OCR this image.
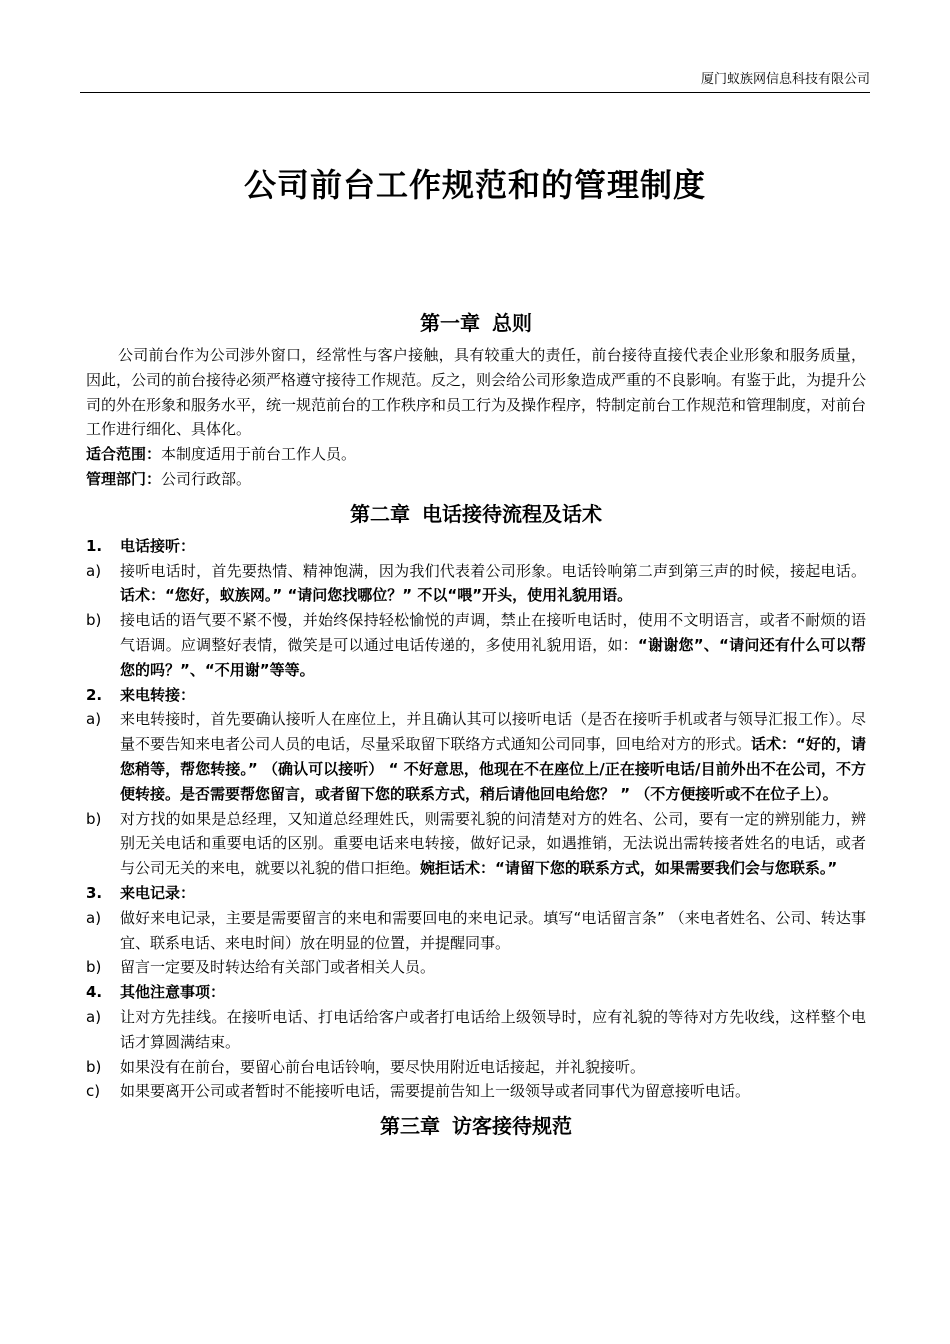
厦门蚁族网信息科技有限公司
公司前台工作规范和的管理制度
第一章 总则
公司前台作为公司涉外窗口，经常性与客户接触，具有较重大的责任，前台接待直接代表企业形象和服务质量，因此，公司的前台接待必须严格遵守接待工作规范。反之，则会给公司形象造成严重的不良影响。有鉴于此，为提升公司的外在形象和服务水平，统一规范前台的工作秩序和员工行为及操作程序，特制定前台工作规范和管理制度，对前台工作进行细化、具体化。
适合范围：本制度适用于前台工作人员。
管理部门：公司行政部。
第二章 电话接待流程及话术
1. 电话接听：
a) 接听电话时，首先要热情、精神饱满，因为我们代表着公司形象。电话铃响第二声到第三声的时候，接起电话。话术：“您好，蚁族网。” “请问您找哪位？” 不以“喂”开头，使用礼貌用语。
b) 接电话的语气要不紧不慢，并始终保持轻松愉悦的声调，禁止在接听电话时，使用不文明语言，或者不耐烦的语气语调。应调整好表情，微笑是可以通过电话传递的，多使用礼貌用语，如：“谢谢您”、“请问还有什么可以帮您的吗？”、“不用谢”等等。
2. 来电转接：
a) 来电转接时，首先要确认接听人在座位上，并且确认其可以接听电话（是否在接听手机或者与领导汇报工作）。尽量不要告知来电者公司人员的电话，尽量采取留下联络方式通知公司同事，回电给对方的形式。话术：“好的，请您稍等，帮您转接。” （确认可以接听） “ 不好意思，他现在不在座位上/正在接听电话/目前外出不在公司，不方便转接。是否需要帮您留言，或者留下您的联系方式，稍后请他回电给您？ ” （不方便接听或不在位子上）。
b) 对方找的如果是总经理，又知道总经理姓氏，则需要礼貌的问清楚对方的姓名、公司，要有一定的辨别能力，辨别无关电话和重要电话的区别。重要电话来电转接，做好记录，如遇推销，无法说出需转接者姓名的电话，或者与公司无关的来电，就要以礼貌的借口拒绝。婉拒话术：“请留下您的联系方式，如果需要我们会与您联系。”
3. 来电记录：
a) 做好来电记录，主要是需要留言的来电和需要回电的来电记录。填写“电话留言条” （来电者姓名、公司、转达事宜、联系电话、来电时间）放在明显的位置，并提醒同事。
b) 留言一定要及时转达给有关部门或者相关人员。
4. 其他注意事项：
a) 让对方先挂线。在接听电话、打电话给客户或者打电话给上级领导时，应有礼貌的等待对方先收线，这样整个电话才算圆满结束。
b) 如果没有在前台，要留心前台电话铃响，要尽快用附近电话接起，并礼貌接听。
c) 如果要离开公司或者暂时不能接听电话，需要提前告知上一级领导或者同事代为留意接听电话。
第三章 访客接待规范
